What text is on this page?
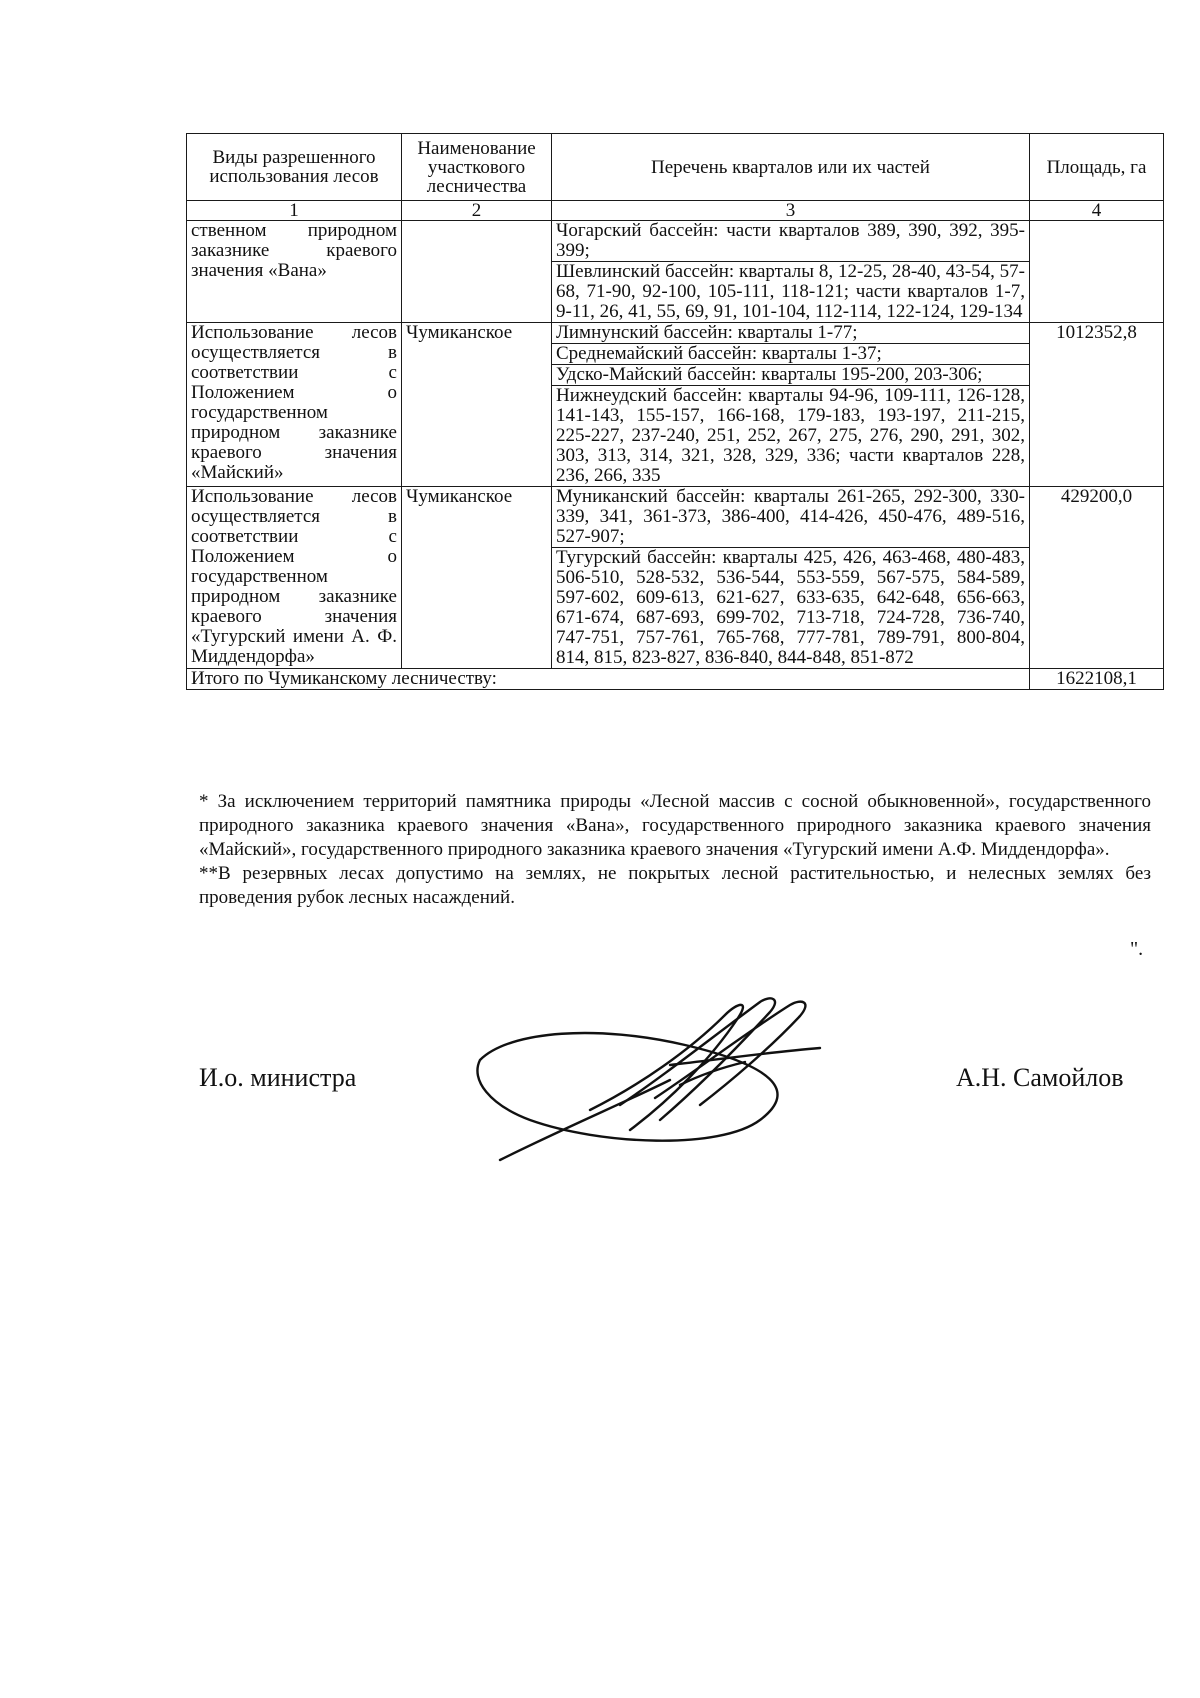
Виды разрешенного использования лесов	Наименование участкового лесничества	Перечень кварталов или их частей	Площадь, га
1	2	3	4
ственном природном заказнике краевого значения «Вана»		Чогарский бассейн: части кварталов 389, 390, 392, 395-399;
Шевлинский бассейн: кварталы 8, 12-25, 28-40, 43-54, 57-68, 71-90, 92-100, 105-111, 118-121; части кварталов 1-7, 9-11, 26, 41, 55, 69, 91, 101-104, 112-114, 122-124, 129-134	

Использование лесов осуществляется в соответствии с Положением о государственном природном заказнике краевого значения «Майский»	Чумиканское	Лимнунский бассейн: кварталы 1-77;
Среднемайский бассейн: кварталы 1-37;
Удско-Майский бассейн: кварталы 195-200, 203-306;
Нижнеудский бассейн: кварталы 94-96, 109-111, 126-128, 141-143, 155-157, 166-168, 179-183, 193-197, 211-215, 225-227, 237-240, 251, 252, 267, 275, 276, 290, 291, 302, 303, 313, 314, 321, 328, 329, 336; части кварталов 228, 236, 266, 335	1012352,8
Использование лесов осуществляется в соответствии с Положением о государственном природном заказнике краевого значения «Тугурский имени А. Ф. Миддендорфа»	Чумиканское	Муниканский бассейн: кварталы 261-265, 292-300, 330-339, 341, 361-373, 386-400, 414-426, 450-476, 489-516, 527-907;
Тугурский бассейн: кварталы 425, 426, 463-468, 480-483, 506-510, 528-532, 536-544, 553-559, 567-575, 584-589, 597-602, 609-613, 621-627, 633-635, 642-648, 656-663, 671-674, 687-693, 699-702, 713-718, 724-728, 736-740, 747-751, 757-761, 765-768, 777-781, 789-791, 800-804, 814, 815, 823-827, 836-840, 844-848, 851-872	429200,0
Итого по Чумиканскому лесничеству:			1622108,1

* За исключением территорий памятника природы «Лесной массив с сосной обыкновенной», государственного природного заказника краевого значения «Вана», государственного природного заказника краевого значения «Майский», государственного природного заказника краевого значения «Тугурский имени А.Ф. Миддендорфа».

**В резервных лесах допустимо на землях, не покрытых лесной растительностью, и нелесных землях без проведения рубок лесных насаждений.

".
И.о. министра	А.Н. Самойлов
